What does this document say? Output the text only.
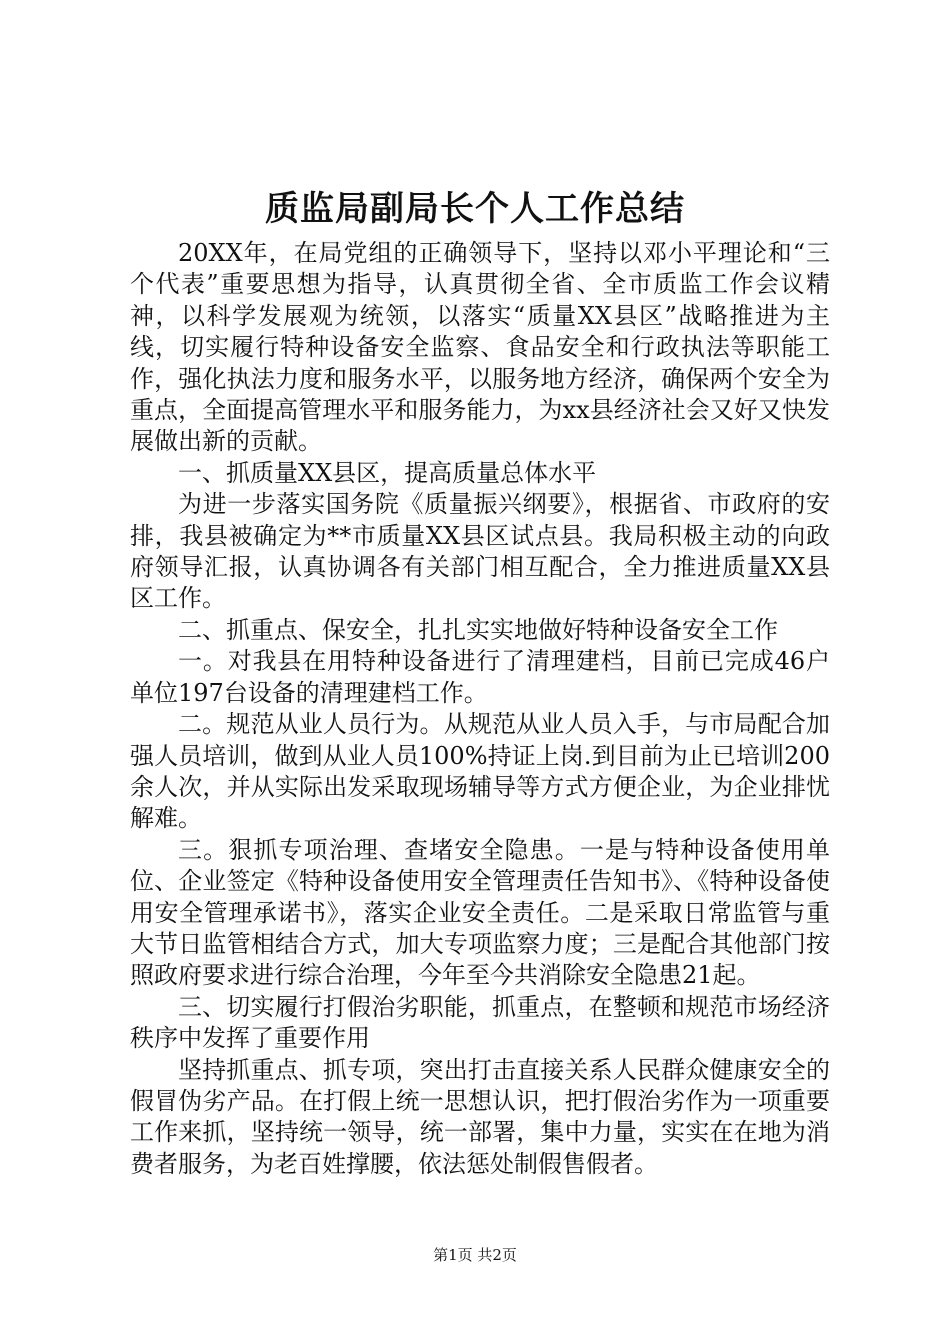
质监局副局长个人工作总结

20XX年，在局党组的正确领导下，坚持以邓小平理论和“三个代表”重要思想为指导，认真贯彻全省、全市质监工作会议精神，以科学发展观为统领，以落实“质量XX县区”战略推进为主线，切实履行特种设备安全监察、食品安全和行政执法等职能工作，强化执法力度和服务水平，以服务地方经济，确保两个安全为重点，全面提高管理水平和服务能力，为xx县经济社会又好又快发展做出新的贡献。

一、抓质量XX县区，提高质量总体水平

为进一步落实国务院《质量振兴纲要》，根据省、市政府的安排，我县被确定为**市质量XX县区试点县。我局积极主动的向政府领导汇报，认真协调各有关部门相互配合，全力推进质量XX县区工作。

二、抓重点、保安全，扎扎实实地做好特种设备安全工作

一。对我县在用特种设备进行了清理建档，目前已完成46户单位197台设备的清理建档工作。

二。规范从业人员行为。从规范从业人员入手，与市局配合加强人员培训，做到从业人员100%持证上岗.到目前为止已培训200余人次，并从实际出发采取现场辅导等方式方便企业，为企业排忧解难。

三。狠抓专项治理、查堵安全隐患。一是与特种设备使用单位、企业签定《特种设备使用安全管理责任告知书》、《特种设备使用安全管理承诺书》，落实企业安全责任。二是采取日常监管与重大节日监管相结合方式，加大专项监察力度；三是配合其他部门按照政府要求进行综合治理，今年至今共消除安全隐患21起。

三、切实履行打假治劣职能，抓重点，在整顿和规范市场经济秩序中发挥了重要作用

坚持抓重点、抓专项，突出打击直接关系人民群众健康安全的假冒伪劣产品。在打假上统一思想认识，把打假治劣作为一项重要工作来抓，坚持统一领导，统一部署，集中力量，实实在在地为消费者服务，为老百姓撑腰，依法惩处制假售假者。

第1页 共2页
